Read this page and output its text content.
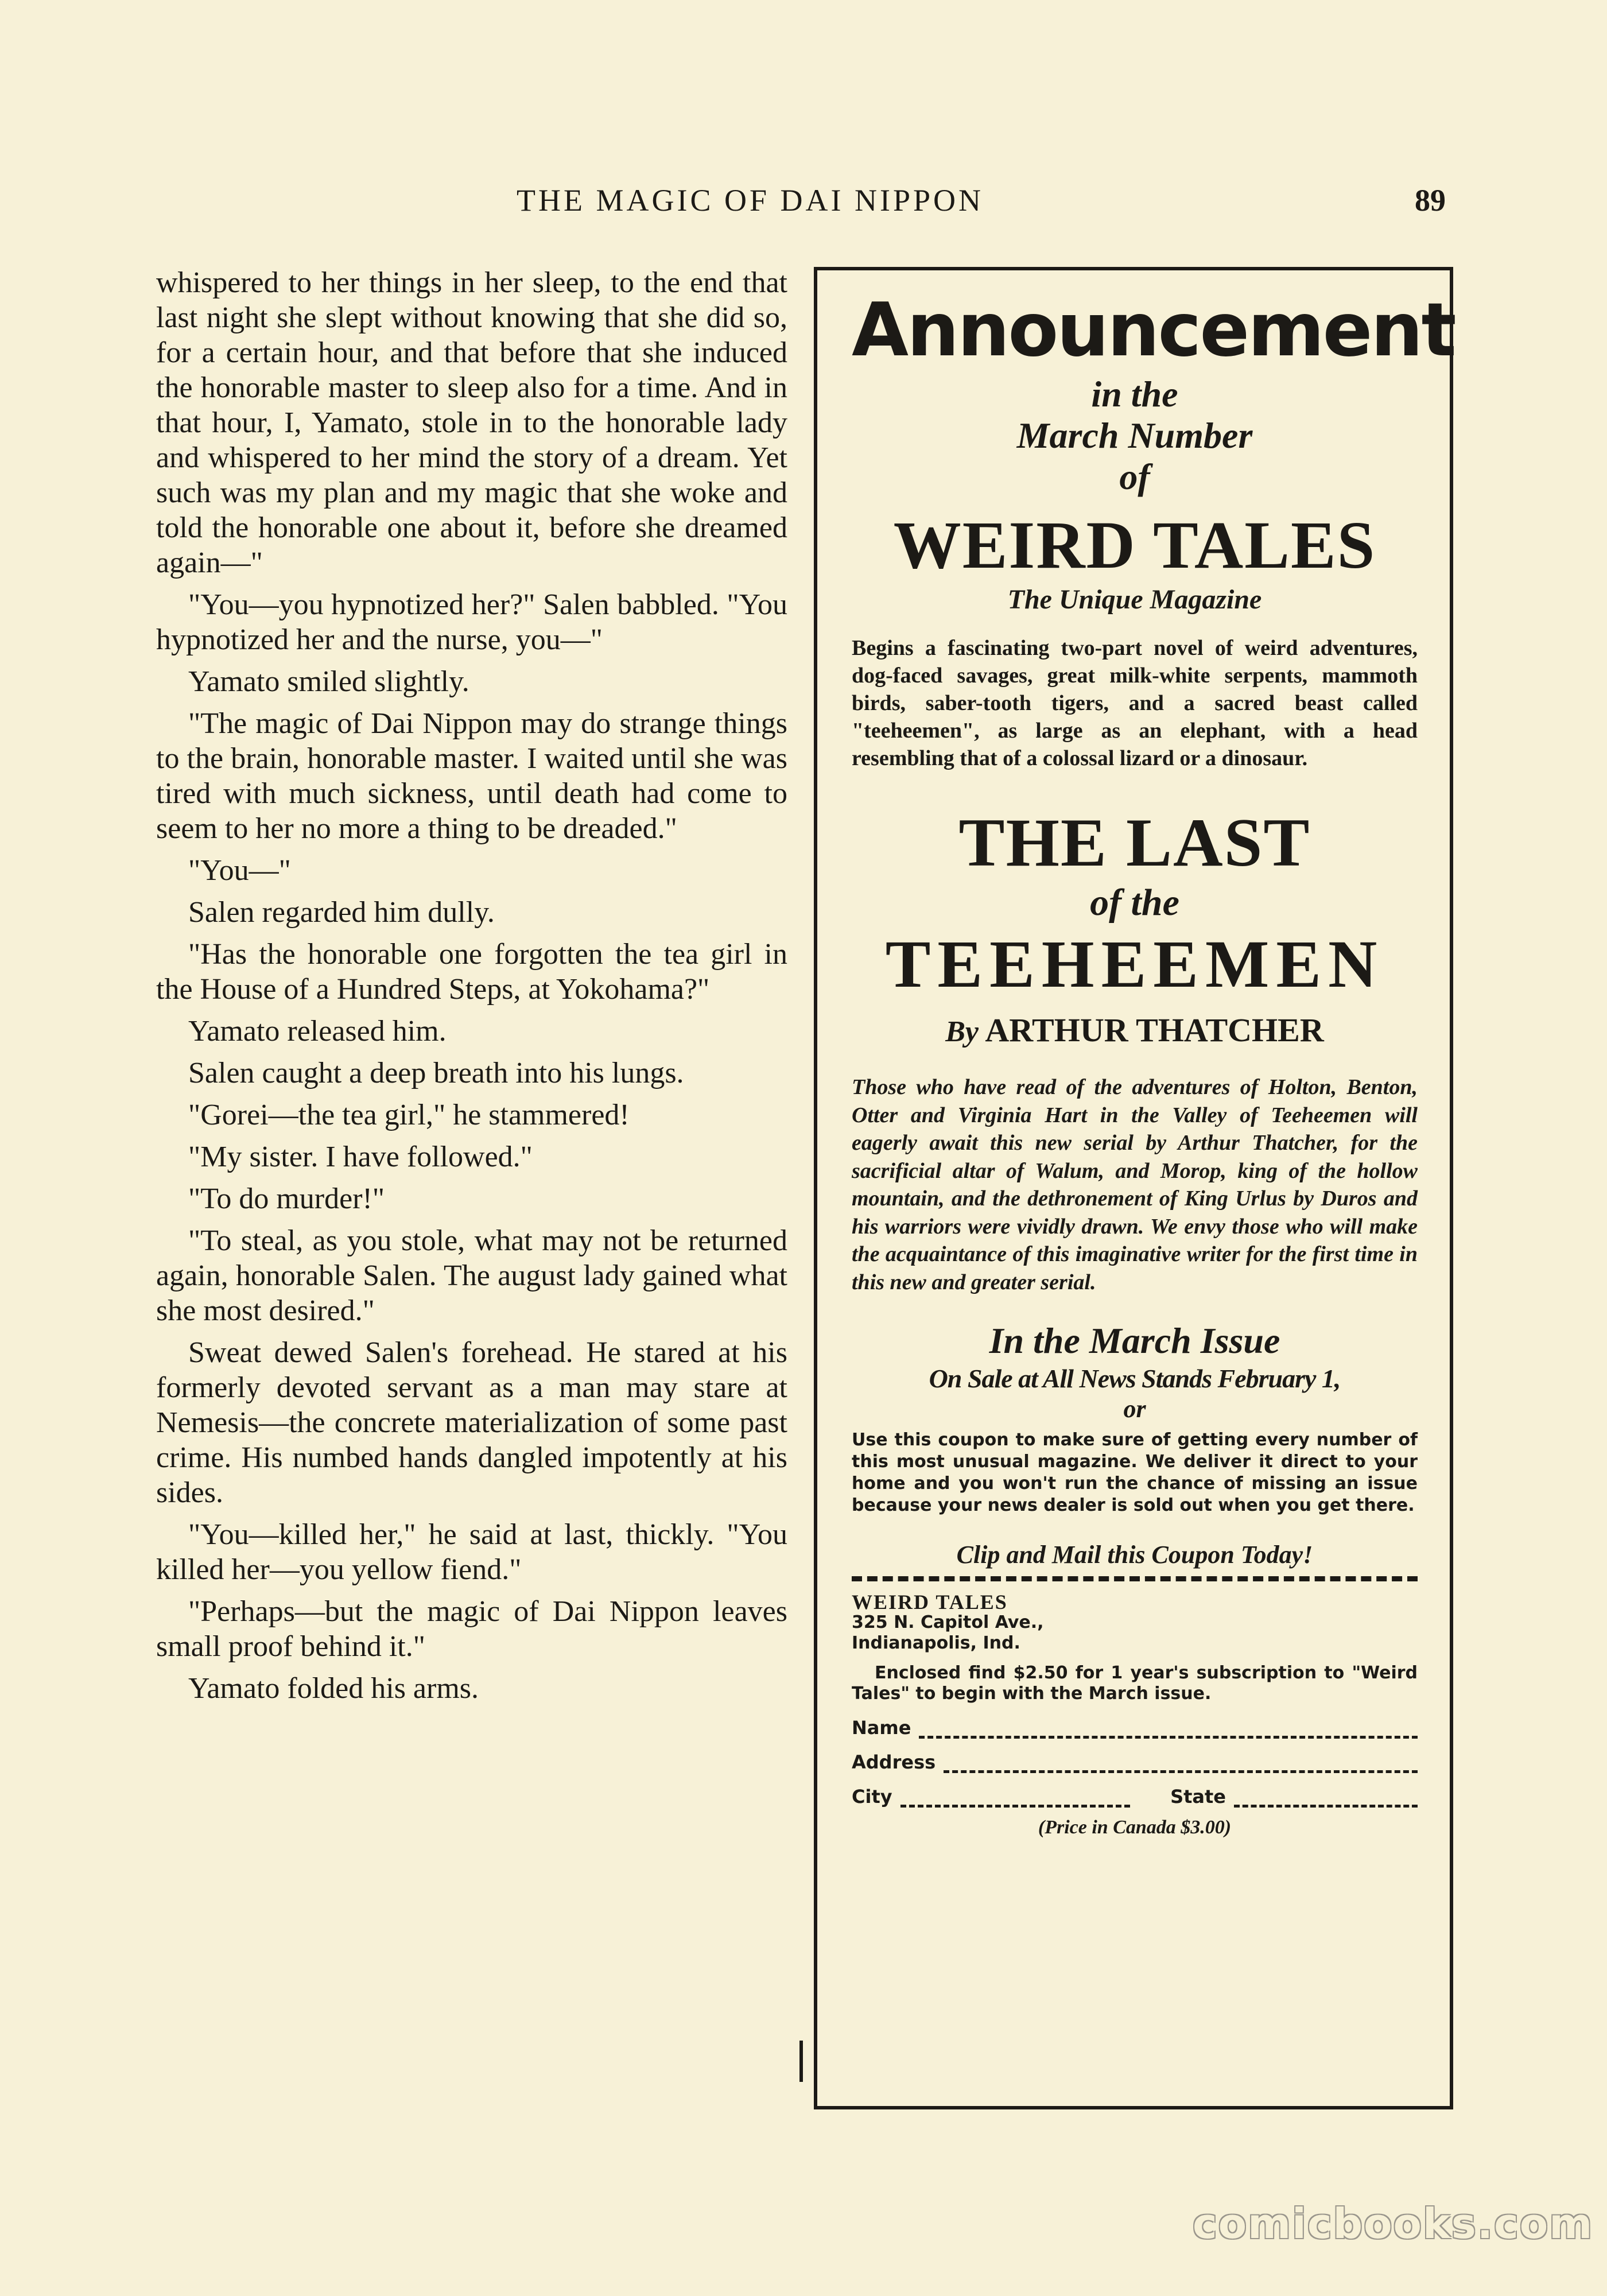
THE MAGIC OF DAI NIPPON	89

whispered to her things in her sleep, to the end that last night she slept without knowing that she did so, for a certain hour, and that before that she induced the honorable master to sleep also for a time. And in that hour, I, Yamato, stole in to the honorable lady and whispered to her mind the story of a dream. Yet such was my plan and my magic that she woke and told the honorable one about it, before she dreamed again—"

"You—you hypnotized her?" Salen babbled. "You hypnotized her and the nurse, you—"

Yamato smiled slightly.

"The magic of Dai Nippon may do strange things to the brain, honorable master. I waited until she was tired with much sickness, until death had come to seem to her no more a thing to be dreaded."

"You—"

Salen regarded him dully.

"Has the honorable one forgotten the tea girl in the House of a Hundred Steps, at Yokohama?"

Yamato released him.

Salen caught a deep breath into his lungs.

"Gorei—the tea girl," he stammered!

"My sister. I have followed."

"To do murder!"

"To steal, as you stole, what may not be returned again, honorable Salen. The august lady gained what she most desired."

Sweat dewed Salen's forehead. He stared at his formerly devoted servant as a man may stare at Nemesis—the concrete materialization of some past crime. His numbed hands dangled impotently at his sides.

"You—killed her," he said at last, thickly. "You killed her—you yellow fiend."

"Perhaps—but the magic of Dai Nippon leaves small proof behind it."

Yamato folded his arms.

Announcement
in the
March Number
of
WEIRD TALES
The Unique Magazine
Begins a fascinating two-part novel of weird adventures, dog-faced savages, great milk-white serpents, mammoth birds, saber-tooth tigers, and a sacred beast called "teeheemen", as large as an elephant, with a head resembling that of a colossal lizard or a dinosaur.
THE LAST
of the
TEEHEEMEN
By ARTHUR THATCHER
Those who have read of the adventures of Holton, Benton, Otter and Virginia Hart in the Valley of Teeheemen will eagerly await this new serial by Arthur Thatcher, for the sacrificial altar of Walum, and Morop, king of the hollow mountain, and the dethronement of King Urlus by Duros and his warriors were vividly drawn. We envy those who will make the acquaintance of this imaginative writer for the first time in this new and greater serial.
In the March Issue
On Sale at All News Stands February 1,
or
Use this coupon to make sure of getting every number of this most unusual magazine. We deliver it direct to your home and you won't run the chance of missing an issue because your news dealer is sold out when you get there.
Clip and Mail this Coupon Today!
WEIRD TALES
325 N. Capitol Ave.,
Indianapolis, Ind.
Enclosed find $2.50 for 1 year's subscription to "Weird Tales" to begin with the March issue.
Name
Address
City	State
(Price in Canada $3.00)
comicbooks.com
